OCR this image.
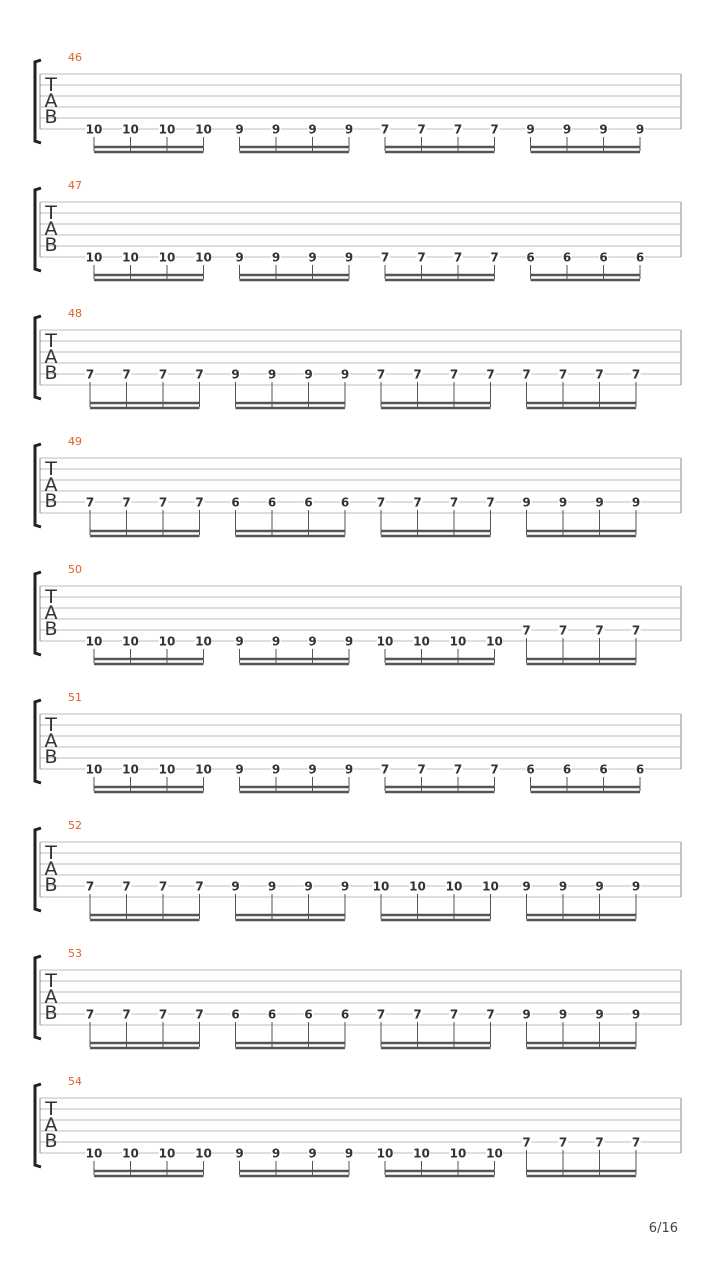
46
T
A
B
10 10 10 10 9 9 9 9 7 7 7 7 9 9 9 9
47
T
A
B
10 10 10 10 9 9 9 9 7 7 7 7 6 6 6 6
48
T
A
B 7 7 7 7 9 9 9 9 7 7 7 7 7 7 7 7
49
T
A
B 7 7 7 7 6 6 6 6 7 7 7 7 9 9 9 9
50
T
A
B
10 10 10 10 9 9 9 9 10 10 10 10
7 7 7 7
51
T
A
B
10 10 10 10 9 9 9 9 7 7 7 7 6 6 6 6
52
T
A
B 7 7 7 7 9 9 9 9 10 10 10 10 9 9 9 9
53
T
A
B 7 7 7 7 6 6 6 6 7 7 7 7 9 9 9 9
54
T
A
B
10 10 10 10 9 9 9 9 10 10 10 10
7 7 7 7
6/16
